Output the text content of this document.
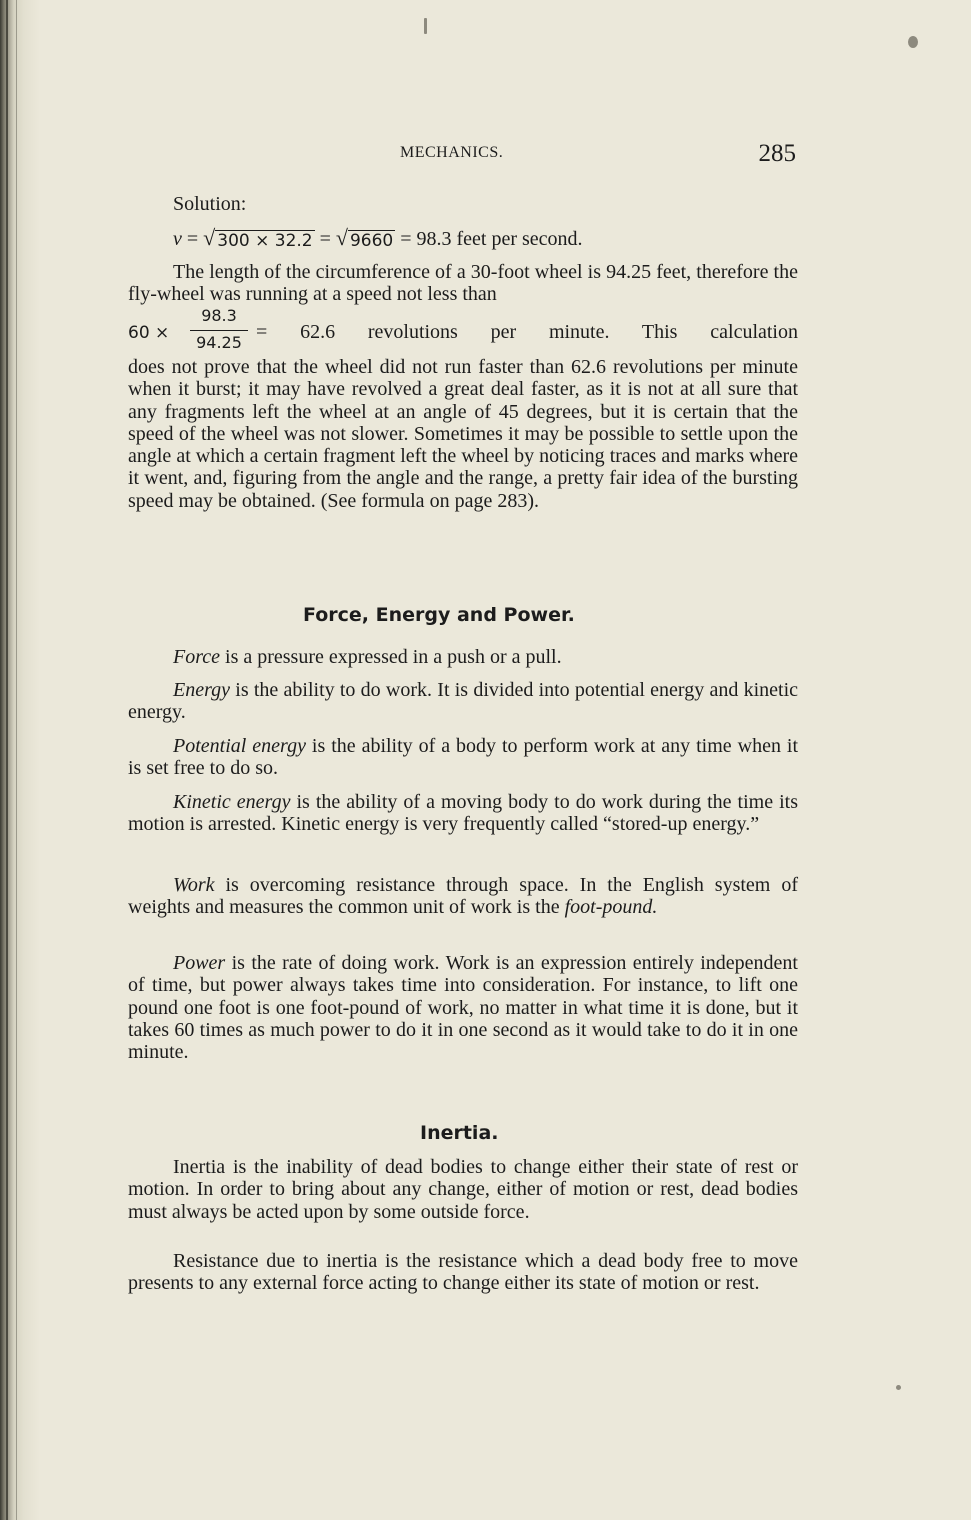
MECHANICS.	285
Solution:
v = √ 300 × 32.2 = √ 9660 = 98.3 feet per second.
The length of the circumference of a 30-foot wheel is 94.25 feet, therefore the fly-wheel was running at a speed not less than
60 ×
98.3
94.25 = 62.6 revolutions per minute. This calculation
does not prove that the wheel did not run faster than 62.6 revolutions per minute when it burst; it may have revolved a great deal faster, as it is not at all sure that any fragments left the wheel at an angle of 45 degrees, but it is certain that the speed of the wheel was not slower. Sometimes it may be possible to settle upon the angle at which a certain fragment left the wheel by noticing traces and marks where it went, and, figuring from the angle and the range, a pretty fair idea of the bursting speed may be obtained. (See formula on page 283).
Force, Energy and Power.
Force is a pressure expressed in a push or a pull.
Energy is the ability to do work. It is divided into potential energy and kinetic energy.
Potential energy is the ability of a body to perform work at any time when it is set free to do so.
Kinetic energy is the ability of a moving body to do work during the time its motion is arrested. Kinetic energy is very frequently called “stored-up energy.”
Work is overcoming resistance through space. In the English system of weights and measures the common unit of work is the foot-pound.
Power is the rate of doing work. Work is an expression entirely independent of time, but power always takes time into consideration. For instance, to lift one pound one foot is one foot-pound of work, no matter in what time it is done, but it takes 60 times as much power to do it in one second as it would take to do it in one minute.
Inertia.
Inertia is the inability of dead bodies to change either their state of rest or motion. In order to bring about any change, either of motion or rest, dead bodies must always be acted upon by some outside force.
Resistance due to inertia is the resistance which a dead body free to move presents to any external force acting to change either its state of motion or rest.
